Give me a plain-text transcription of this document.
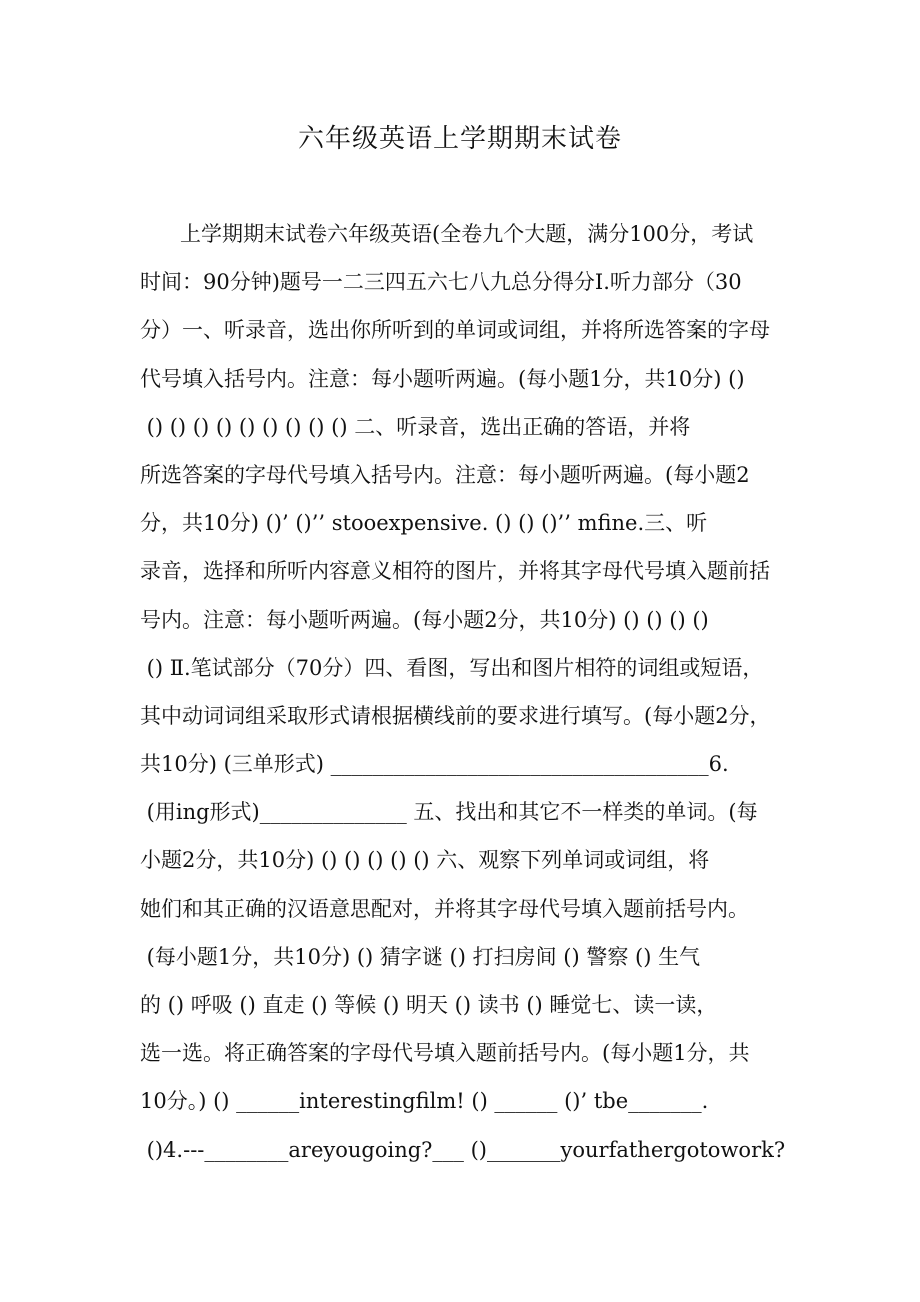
六年级英语上学期期末试卷
上学期期末试卷六年级英语(全卷九个大题，满分100分，考试
时间：90分钟)题号一二三四五六七八九总分得分Ⅰ.听力部分（30
分）一、听录音，选出你所听到的单词或词组，并将所选答案的字母
代号填入括号内。注意：每小题听两遍。(每小题1分，共10分) ()
() () () () () () () () () 二、听录音，选出正确的答语，并将
所选答案的字母代号填入括号内。注意：每小题听两遍。(每小题2
分，共10分) ()’ ()’’ stooexpensive. () () ()’’ mfine.三、听
录音，选择和所听内容意义相符的图片，并将其字母代号填入题前括
号内。注意：每小题听两遍。(每小题2分，共10分) () () () ()
() Ⅱ.笔试部分（70分）四、看图，写出和图片相符的词组或短语，
其中动词词组采取形式请根据横线前的要求进行填写。(每小题2分，
共10分) (三单形式) ____________________________________6.
(用ing形式)______________ 五、找出和其它不一样类的单词。(每
小题2分，共10分) () () () () () 六、观察下列单词或词组，将
她们和其正确的汉语意思配对，并将其字母代号填入题前括号内。
(每小题1分，共10分) () 猜字谜 () 打扫房间 () 警察 () 生气
的 () 呼吸 () 直走 () 等候 () 明天 () 读书 () 睡觉七、读一读，
选一选。将正确答案的字母代号填入题前括号内。(每小题1分，共
10分。) () ______interestingfilm! () ______ ()’ tbe_______.
()4.---________areyougoing?___ ()_______yourfathergotowork?
